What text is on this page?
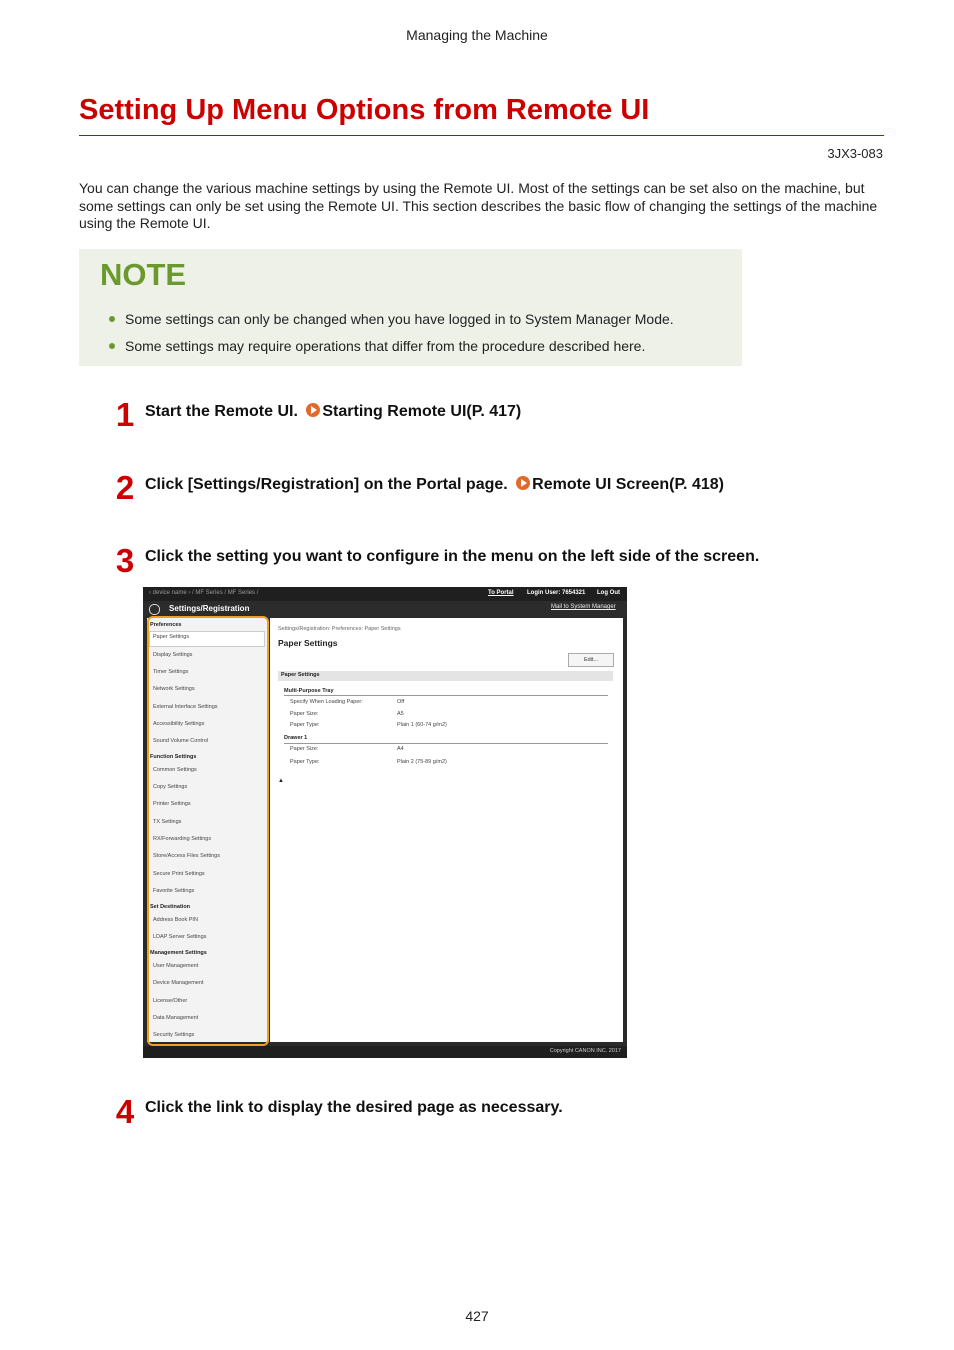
Managing the Machine
Setting Up Menu Options from Remote UI
3JX3-083
You can change the various machine settings by using the Remote UI. Most of the settings can be set also on the machine, but some settings can only be set using the Remote UI. This section describes the basic flow of changing the settings of the machine using the Remote UI.
NOTE
Some settings can only be changed when you have logged in to System Manager Mode.
Some settings may require operations that differ from the procedure described here.
1 Start the Remote UI. Starting Remote UI(P. 417)
2 Click [Settings/Registration] on the Portal page. Remote UI Screen(P. 418)
3 Click the setting you want to configure in the menu on the left side of the screen.
‹ device name › / MF Series / MF Series /	To Portal Login User: 7654321 Log Out
Settings/Registration	Mail to System Manager
Preferences
Paper Settings
Display Settings
Timer Settings
Network Settings
External Interface Settings
Accessibility Settings
Sound Volume Control
Function Settings
Common Settings
Copy Settings
Printer Settings
TX Settings
RX/Forwarding Settings
Store/Access Files Settings
Secure Print Settings
Favorite Settings
Set Destination
Address Book PIN
LDAP Server Settings
Management Settings
User Management
Device Management
License/Other
Data Management
Security Settings
Settings/Registration: Preferences: Paper Settings
Paper Settings
Edit...
Paper Settings
Multi-Purpose Tray
Specify When Loading Paper:	Off
Paper Size:	A5
Paper Type:	Plain 1 (60-74 g/m2)
Drawer 1
Paper Size:	A4
Paper Type:	Plain 2 (75-89 g/m2)
▲
Copyright CANON INC. 2017
4 Click the link to display the desired page as necessary.
427
